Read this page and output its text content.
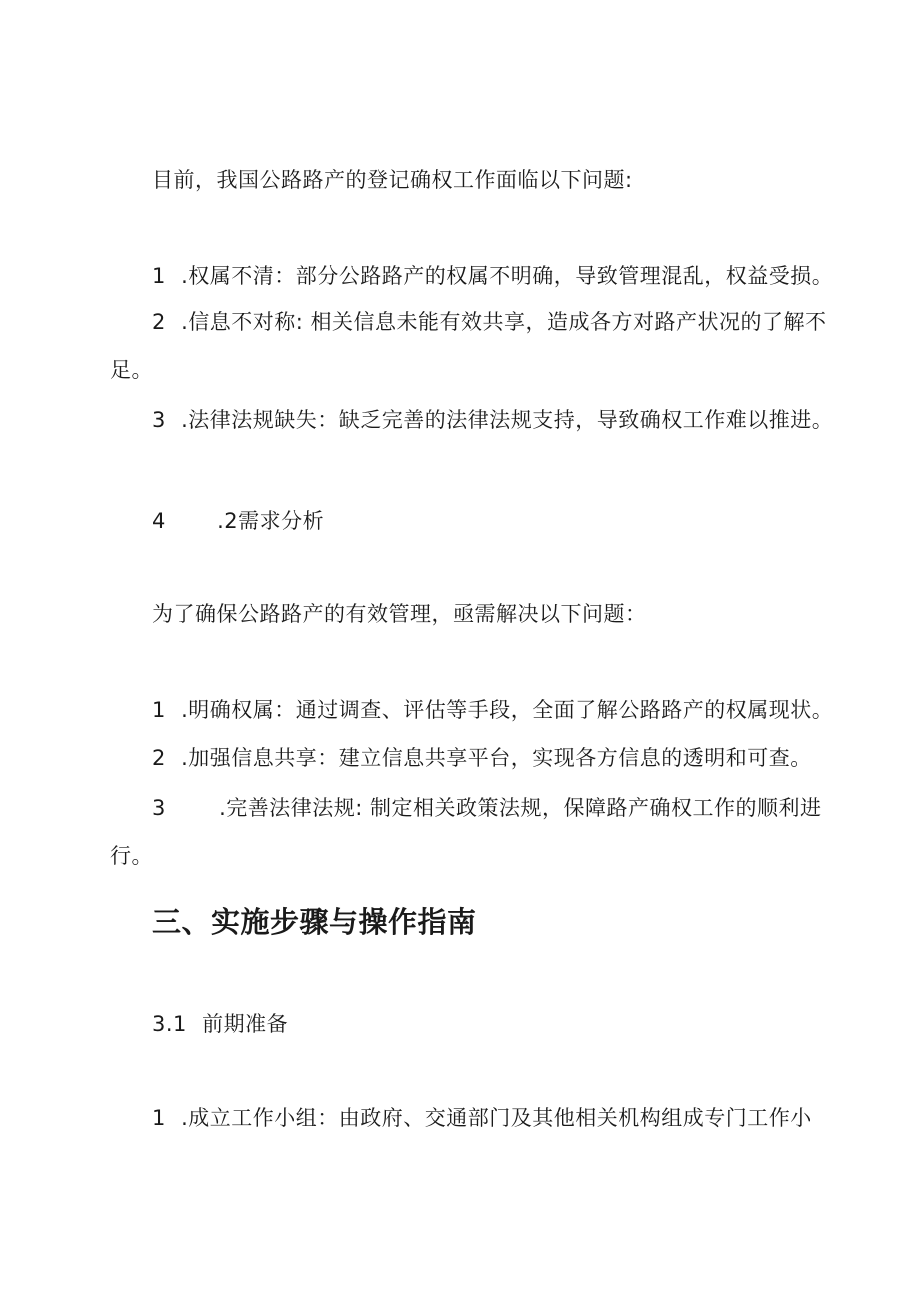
目前，我国公路路产的登记确权工作面临以下问题:
1 .权属不清：部分公路路产的权属不明确，导致管理混乱，权益受损。
2 .信息不对称: 相关信息未能有效共享，造成各方对路产状况的了解不
足。
3 .法律法规缺失：缺乏完善的法律法规支持，导致确权工作难以推进。
4 .2需求分析
为了确保公路路产的有效管理，亟需解决以下问题：
1 .明确权属：通过调查、评估等手段，全面了解公路路产的权属现状。
2 .加强信息共享：建立信息共享平台，实现各方信息的透明和可查。
3	.完善法律法规: 制定相关政策法规，保障路产确权工作的顺利进
行。
三、实施步骤与操作指南
3.1 前期准备
1 .成立工作小组：由政府、交通部门及其他相关机构组成专门工作小
